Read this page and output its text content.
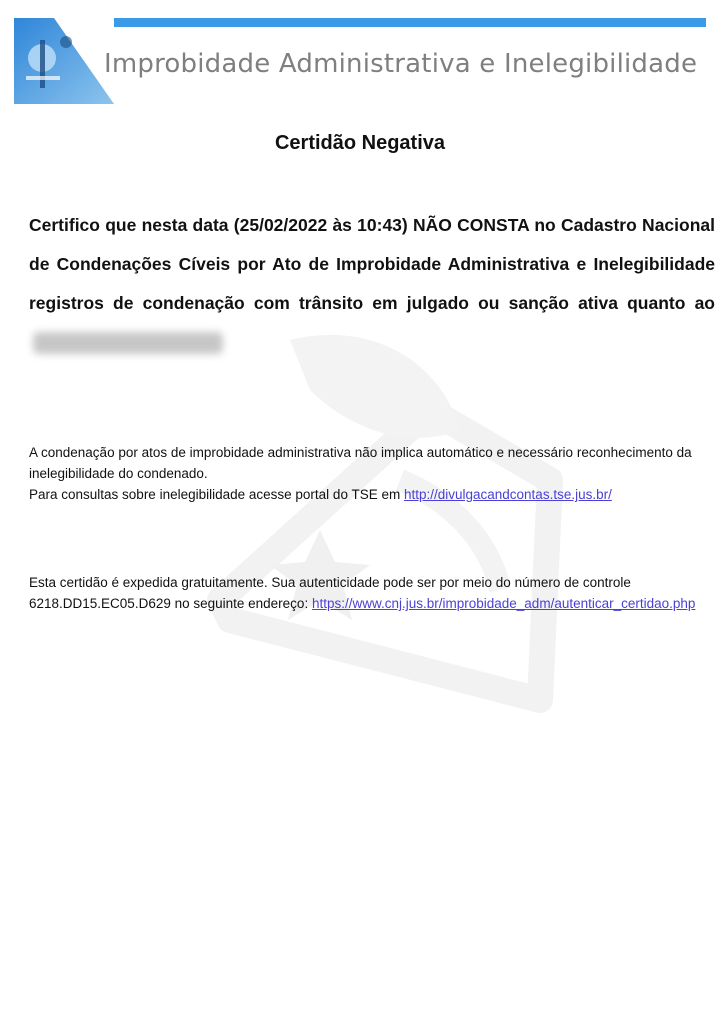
Improbidade Administrativa e Inelegibilidade
Certidão Negativa
Certifico que nesta data (25/02/2022 às 10:43) NÃO CONSTA no Cadastro Nacional de Condenações Cíveis por Ato de Improbidade Administrativa e Inelegibilidade registros de condenação com trânsito em julgado ou sanção ativa quanto ao
A condenação por atos de improbidade administrativa não implica automático e necessário reconhecimento da inelegibilidade do condenado.
Para consultas sobre inelegibilidade acesse portal do TSE em http://divulgacandcontas.tse.jus.br/
Esta certidão é expedida gratuitamente. Sua autenticidade pode ser por meio do número de controle 6218.DD15.EC05.D629 no seguinte endereço: https://www.cnj.jus.br/improbidade_adm/autenticar_certidao.php
